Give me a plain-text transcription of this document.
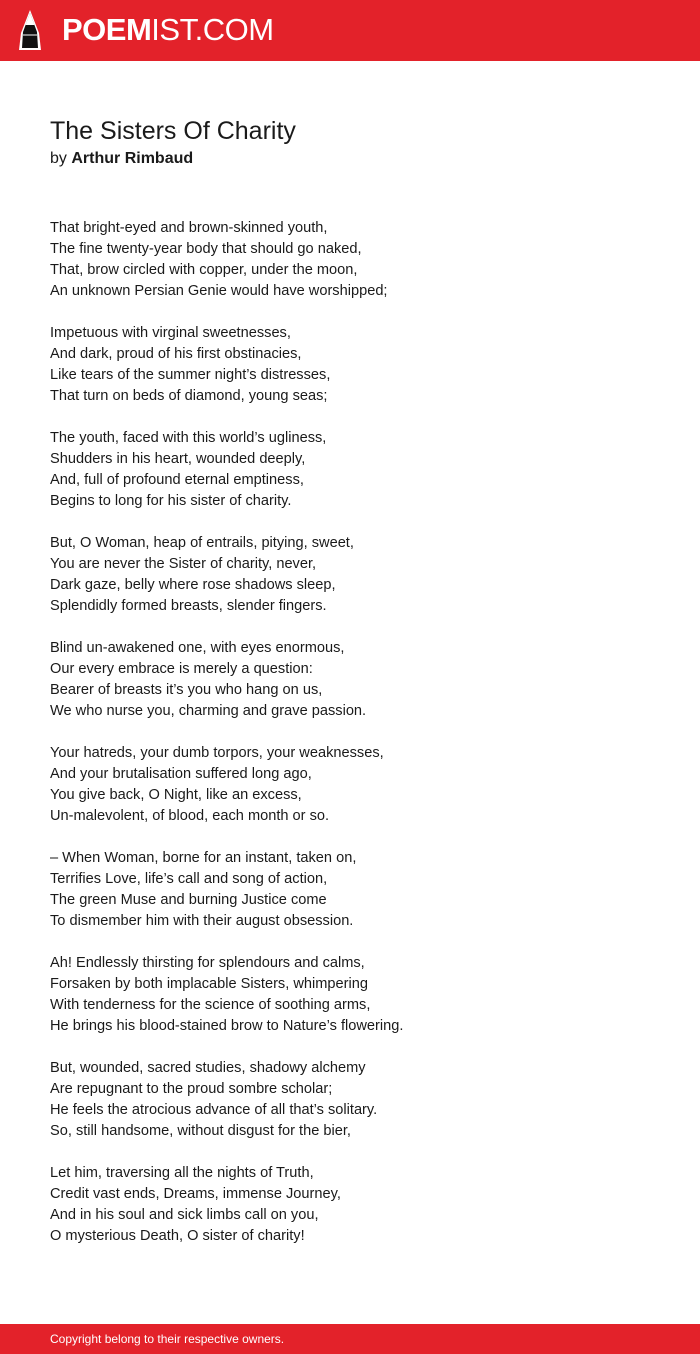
POEMIST.COM
The Sisters Of Charity
by Arthur Rimbaud
That bright-eyed and brown-skinned youth,
The fine twenty-year body that should go naked,
That, brow circled with copper, under the moon,
An unknown Persian Genie would have worshipped;
Impetuous with virginal sweetnesses,
And dark, proud of his first obstinacies,
Like tears of the summer night’s distresses,
That turn on beds of diamond, young seas;
The youth, faced with this world’s ugliness,
Shudders in his heart, wounded deeply,
And, full of profound eternal emptiness,
Begins to long for his sister of charity.
But, O Woman, heap of entrails, pitying, sweet,
You are never the Sister of charity, never,
Dark gaze, belly where rose shadows sleep,
Splendidly formed breasts, slender fingers.
Blind un-awakened one, with eyes enormous,
Our every embrace is merely a question:
Bearer of breasts it’s you who hang on us,
We who nurse you, charming and grave passion.
Your hatreds, your dumb torpors, your weaknesses,
And your brutalisation suffered long ago,
You give back, O Night, like an excess,
Un-malevolent, of blood, each month or so.
– When Woman, borne for an instant, taken on,
Terrifies Love, life’s call and song of action,
The green Muse and burning Justice come
To dismember him with their august obsession.
Ah! Endlessly thirsting for splendours and calms,
Forsaken by both implacable Sisters, whimpering
With tenderness for the science of soothing arms,
He brings his blood-stained brow to Nature’s flowering.
But, wounded, sacred studies, shadowy alchemy
Are repugnant to the proud sombre scholar;
He feels the atrocious advance of all that’s solitary.
So, still handsome, without disgust for the bier,
Let him, traversing all the nights of Truth,
Credit vast ends, Dreams, immense Journey,
And in his soul and sick limbs call on you,
O mysterious Death, O sister of charity!
Copyright belong to their respective owners.
